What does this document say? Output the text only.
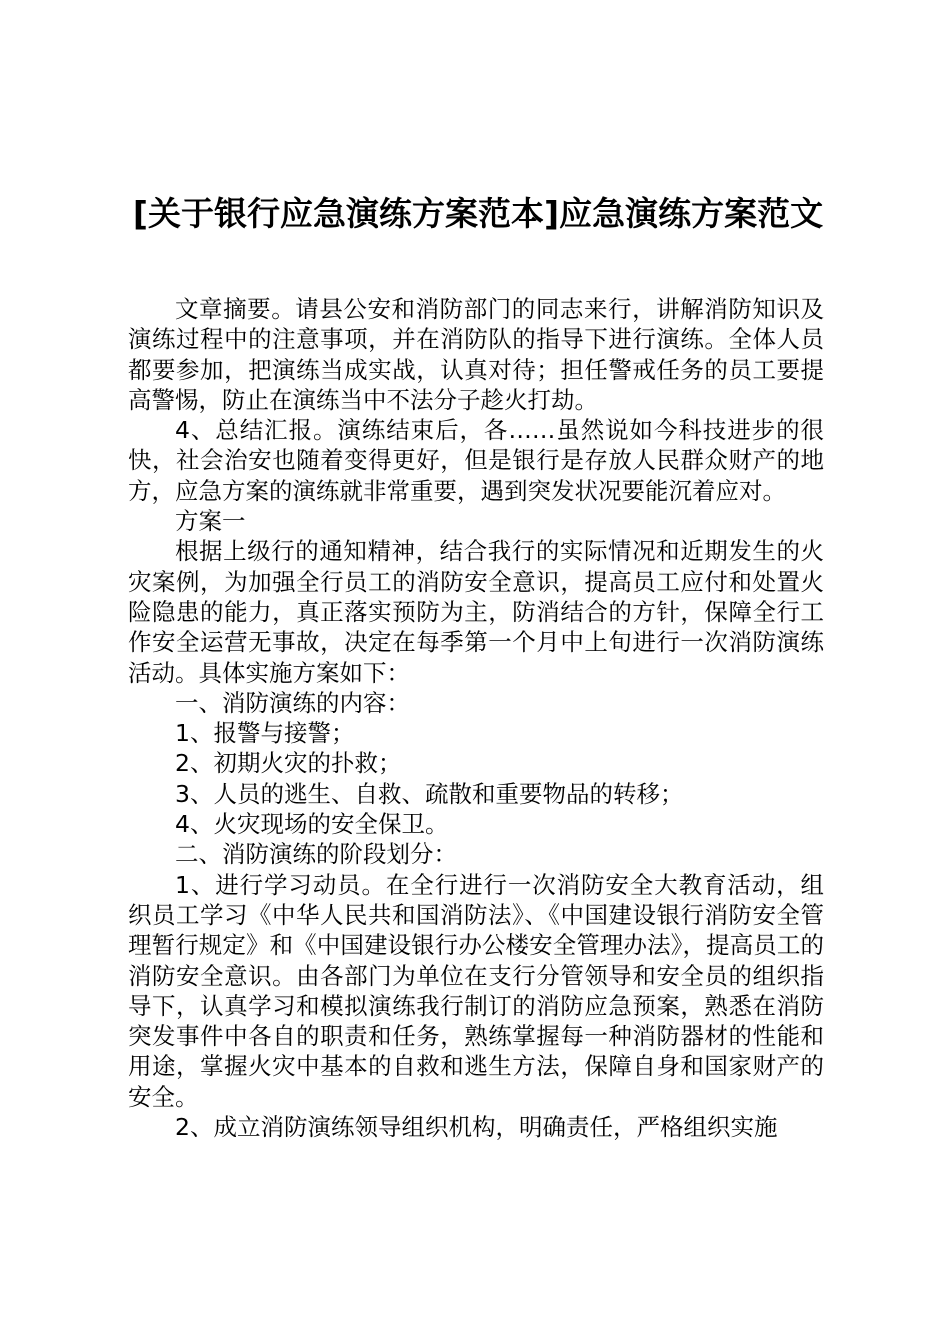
[关于银行应急演练方案范本]应急演练方案范文

文章摘要。请县公安和消防部门的同志来行，讲解消防知识及演练过程中的注意事项，并在消防队的指导下进行演练。全体人员都要参加，把演练当成实战，认真对待；担任警戒任务的员工要提高警惕，防止在演练当中不法分子趁火打劫。

4、总结汇报。演练结束后，各……虽然说如今科技进步的很快，社会治安也随着变得更好，但是银行是存放人民群众财产的地方，应急方案的演练就非常重要，遇到突发状况要能沉着应对。

方案一

根据上级行的通知精神，结合我行的实际情况和近期发生的火灾案例，为加强全行员工的消防安全意识，提高员工应付和处置火险隐患的能力，真正落实预防为主，防消结合的方针，保障全行工作安全运营无事故，决定在每季第一个月中上旬进行一次消防演练活动。具体实施方案如下：

一、消防演练的内容：

1、报警与接警；

2、初期火灾的扑救；

3、人员的逃生、自救、疏散和重要物品的转移；

4、火灾现场的安全保卫。

二、消防演练的阶段划分：

1、进行学习动员。在全行进行一次消防安全大教育活动，组织员工学习《中华人民共和国消防法》、《中国建设银行消防安全管理暂行规定》和《中国建设银行办公楼安全管理办法》，提高员工的消防安全意识。由各部门为单位在支行分管领导和安全员的组织指导下，认真学习和模拟演练我行制订的消防应急预案，熟悉在消防突发事件中各自的职责和任务，熟练掌握每一种消防器材的性能和用途，掌握火灾中基本的自救和逃生方法，保障自身和国家财产的安全。

2、成立消防演练领导组织机构，明确责任，严格组织实施
